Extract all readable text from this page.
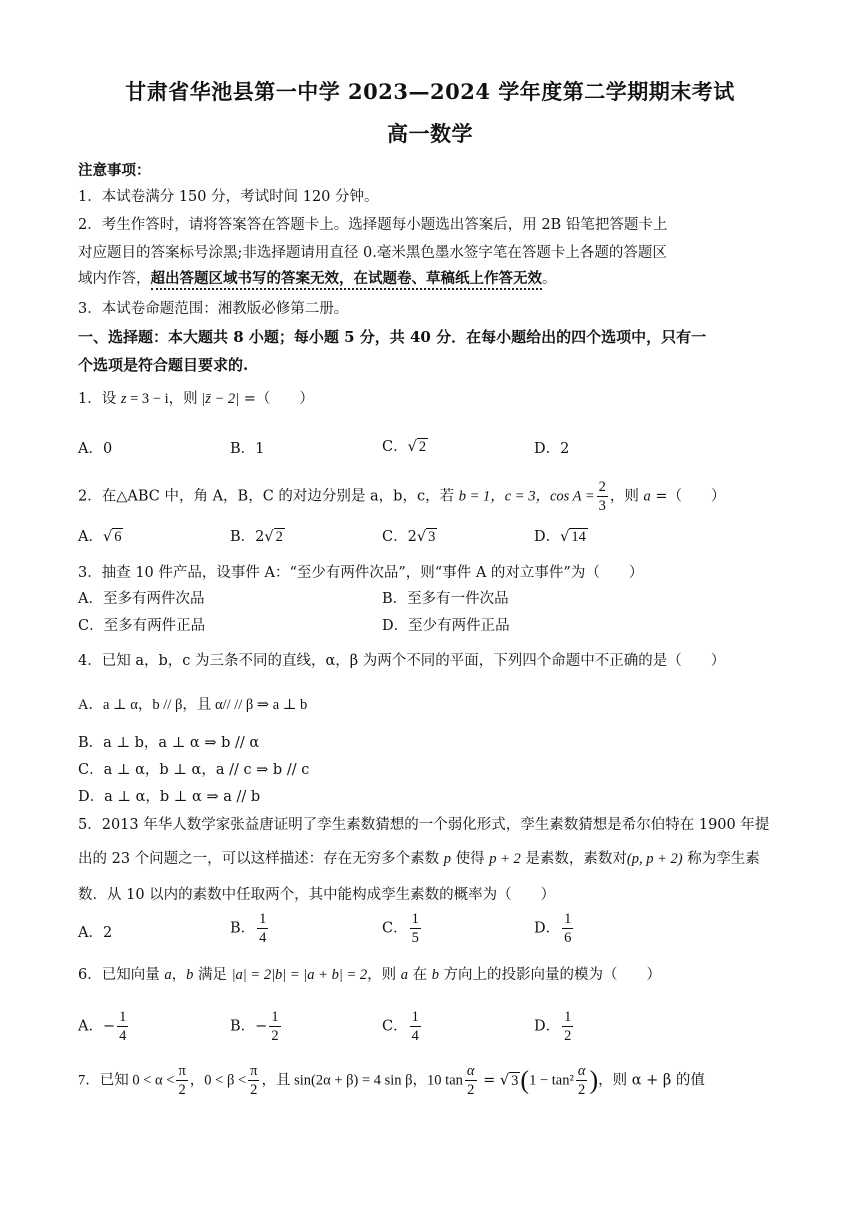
甘肃省华池县第一中学 2023—2024 学年度第二学期期末考试
高一数学
注意事项：
1．本试卷满分 150 分，考试时间 120 分钟。
2．考生作答时，请将答案答在答题卡上。选择题每小题选出答案后，用 2B 铅笔把答题卡上
对应题目的答案标号涂黑;非选择题请用直径 0.毫米黑色墨水签字笔在答题卡上各题的答题区
域内作答，超出答题区域书写的答案无效，在试题卷、草稿纸上作答无效。
3．本试卷命题范围：湘教版必修第二册。
一、选择题：本大题共 8 小题；每小题 5 分，共 40 分．在每小题给出的四个选项中，只有一
个选项是符合题目要求的.
1．设 z = 3 − i，则 |z̄ − 2| =（　　）
A．0	B．1	C．√ 2	D．2
2．在△ABC 中，角 A，B，C 的对边分别是 a，b，c，若 b = 1，c = 3，$\cos A = \frac{2}{3}$ ，则 a =（　　）
A．√ 6	B．2√ 2	C．2√ 3	D．√ 14
3．抽查 10 件产品，设事件 A：“至少有两件次品”，则“事件 A 的对立事件”为（　　）
A．至多有两件次品	B．至多有一件次品
C．至多有两件正品	D．至少有两件正品
4．已知 a，b，c 为三条不同的直线，α，β 为两个不同的平面，下列四个命题中不正确的是（　　）
A．a ⊥ α，b // β，且 α// // β ⇒ a ⊥ b
B．a ⊥ b，a ⊥ α ⇒ b // α
C．a ⊥ α，b ⊥ α，a // c ⇒ b // c
D．a ⊥ α，b ⊥ α ⇒ a // b
5．2013 年华人数学家张益唐证明了孪生素数猜想的一个弱化形式，孪生素数猜想是希尔伯特在 1900 年提
出的 23 个问题之一，可以这样描述：存在无穷多个素数 p 使得 p + 2 是素数，素数对(p, p + 2) 称为孪生素
数．从 10 以内的素数中任取两个，其中能构成孪生素数的概率为（　　）
A．2	B． $\frac{1}{4}$	C． $\frac{1}{5}$	D． $\frac{1}{6}$
6．已知向量 a，b 满足 |a| = 2|b| = |a + b| = 2，则 a 在 b 方向上的投影向量的模为（　　）
A．− $\frac{1}{4}$	B．− $\frac{1}{2}$	C． $\frac{1}{4}$	D． $\frac{1}{2}$
7．已知 $0 < \alpha < \frac{\pi}{2}$ ，$0 < \beta < \frac{\pi}{2}$ ，且 sin(2α + β) = 4 sin β，10 $\tan \frac{\alpha}{2}$ = √ $3(1 - \tan^2 \frac{\alpha}{2}$ )，则 α + β 的值
